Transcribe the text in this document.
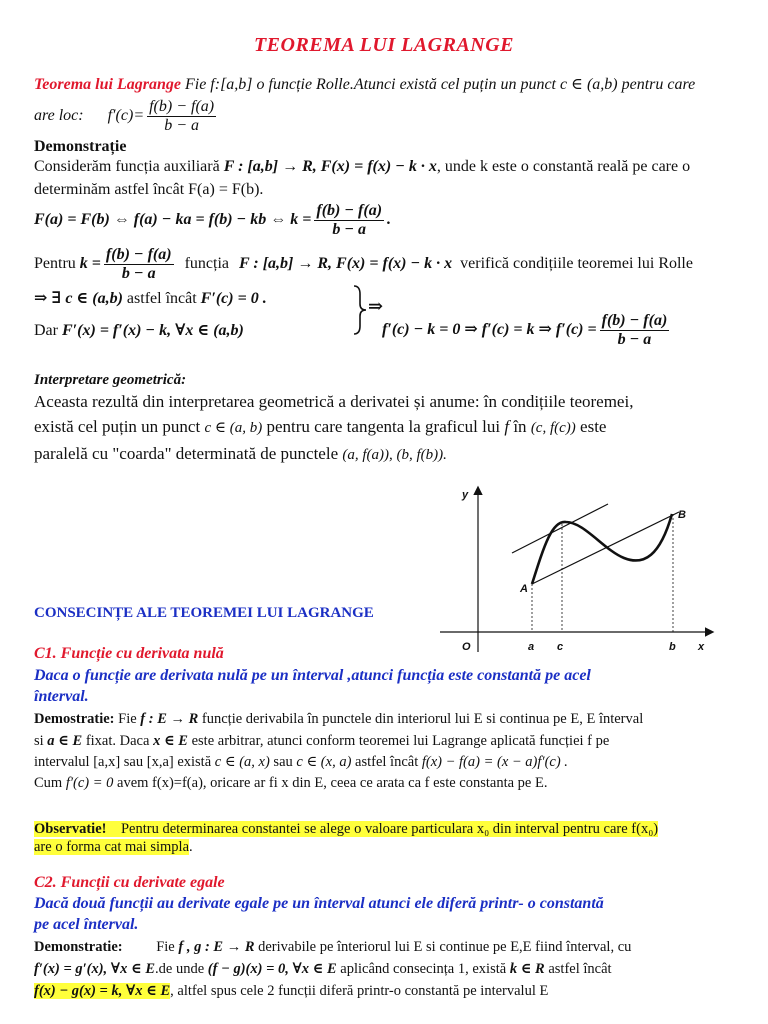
TEOREMA LUI LAGRANGE
Teorema lui Lagrange Fie f:[a,b] o funcție Rolle.Atunci există cel puțin un punct c ∈ (a,b) pentru care
are loc: $f'(c)= \frac{f(b) - f(a)}{b - a}$
Demonstrație
Considerăm funcția auxiliară F : [a,b] → R, F(x) = f(x) − k · x, unde k este o constantă reală pe care o
determinăm astfel încât F(a) = F(b).
F(a) = F(b) ⇔ f(a) − ka = f(b) − kb ⇔ $k = \frac{f(b) - f(a)}{b - a}$ .
Pentru $k = \frac{f(b) - f(a)}{b - a}$ funcția F : [a,b] → R, F(x) = f(x) − k · x verifică condițiile teoremei lui Rolle
⇒ ∃ c ∈ (a,b) astfel încât F′(c) = 0 .
Dar F′(x) = f′(x) − k, ∀x ∈ (a,b)
⇒
f′(c) − k = 0 ⇒ f′(c) = k ⇒ $f'(c) = \frac{f(b) - f(a)}{b - a}$
Interpretare geometrică:
Aceasta rezultă din interpretarea geometrică a derivatei și anume: în condițiile teoremei,
există cel puțin un punct c ∈ (a, b) pentru care tangenta la graficul lui f în (c, f(c)) este
paralelă cu "coarda" determinată de punctele (a, f(a)), (b, f(b)).
y
x
O	a c	b
A
B
CONSECINȚE ALE TEOREMEI LUI LAGRANGE
C1. Funcție cu derivata nulă
Daca o funcție are derivata nulă pe un înterval ,atunci funcția este constantă pe acel
înterval.
Demostratie: Fie f : E → R funcție derivabila în punctele din interiorul lui E si continua pe E, E înterval
si a ∈ E fixat. Daca x ∈ E este arbitrar, atunci conform teoremei lui Lagrange aplicată funcției f pe
intervalul [a,x] sau [x,a] există c ∈ (a, x) sau c ∈ (x, a) astfel încât f(x) − f(a) = (x − a)f′(c) .
Cum f′(c) = 0 avem f(x)=f(a), oricare ar fi x din E, ceea ce arata ca f este constanta pe E.
Observatie! Pentru determinarea constantei se alege o valoare particulara x₀ din interval pentru care f(x₀)
are o forma cat mai simpla.
C2. Funcții cu derivate egale
Dacă două funcții au derivate egale pe un înterval atunci ele diferă printr- o constantă
pe acel înterval.
Demonstratie: Fie f , g : E → R derivabile pe înteriorul lui E si continue pe E,E fiind înterval, cu
f′(x) = g′(x), ∀x ∈ E.de unde (f − g)(x) = 0, ∀x ∈ E aplicând consecința 1, există k ∈ R astfel încât
f(x) − g(x) = k, ∀x ∈ E, altfel spus cele 2 funcții diferă printr-o constantă pe intervalul E
